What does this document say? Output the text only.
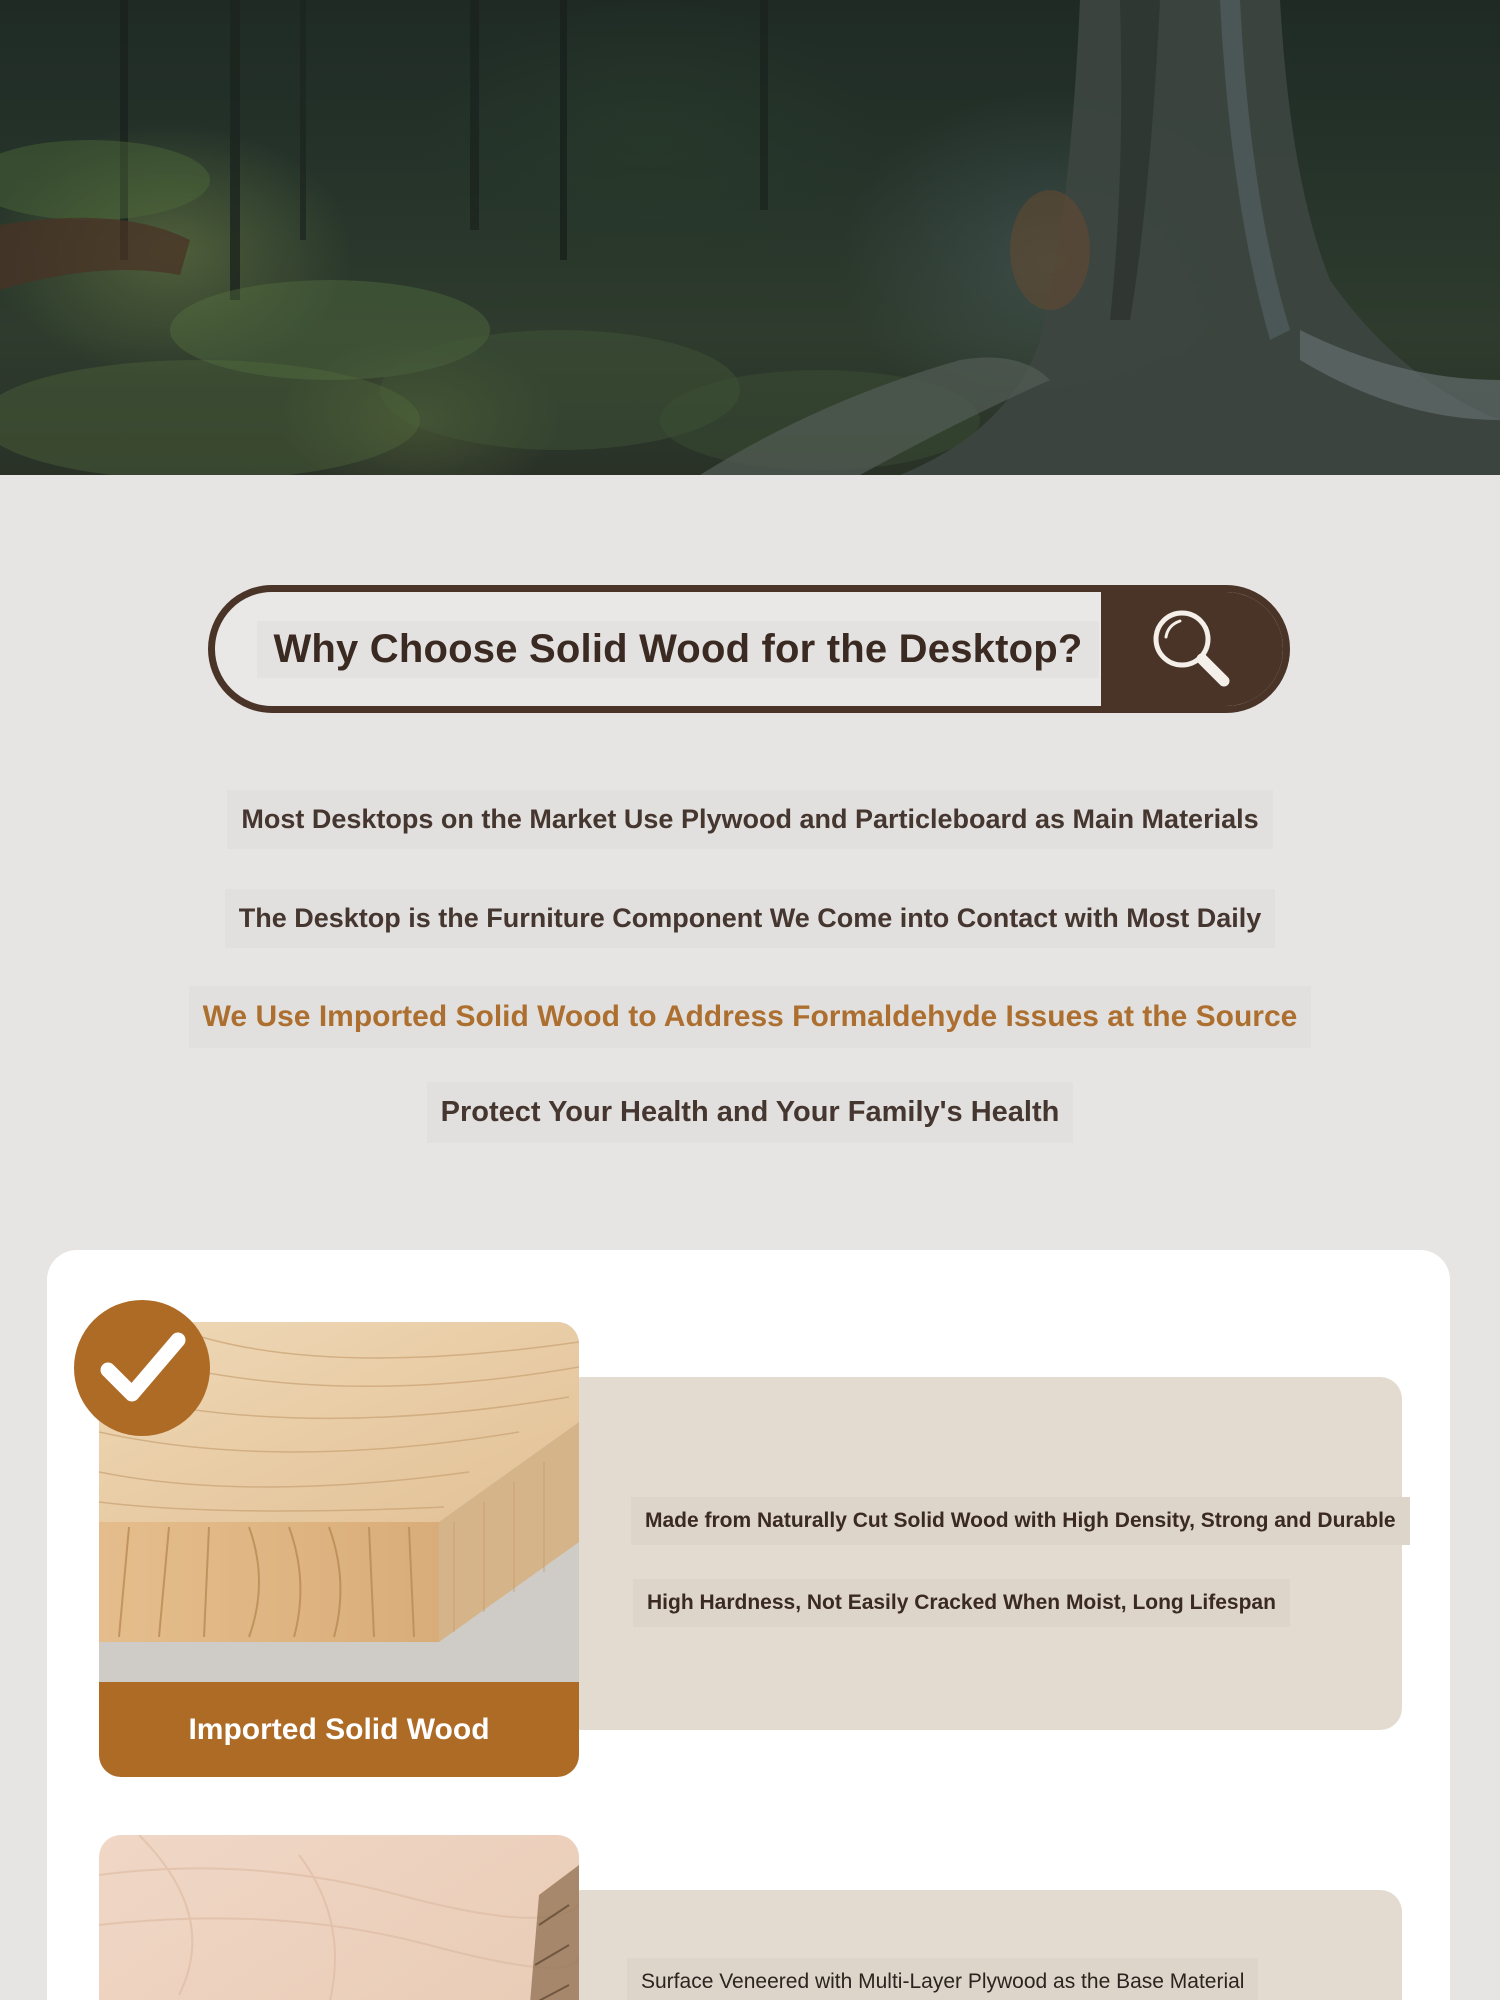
Why Choose Solid Wood for the Desktop?
Most Desktops on the Market Use Plywood and Particleboard as Main Materials
The Desktop is the Furniture Component We Come into Contact with Most Daily
We Use Imported Solid Wood to Address Formaldehyde Issues at the Source
Protect Your Health and Your Family's Health
Imported Solid Wood
Made from Naturally Cut Solid Wood with High Density, Strong and Durable
High Hardness, Not Easily Cracked When Moist, Long Lifespan
Surface Veneered with Multi-Layer Plywood as the Base Material
